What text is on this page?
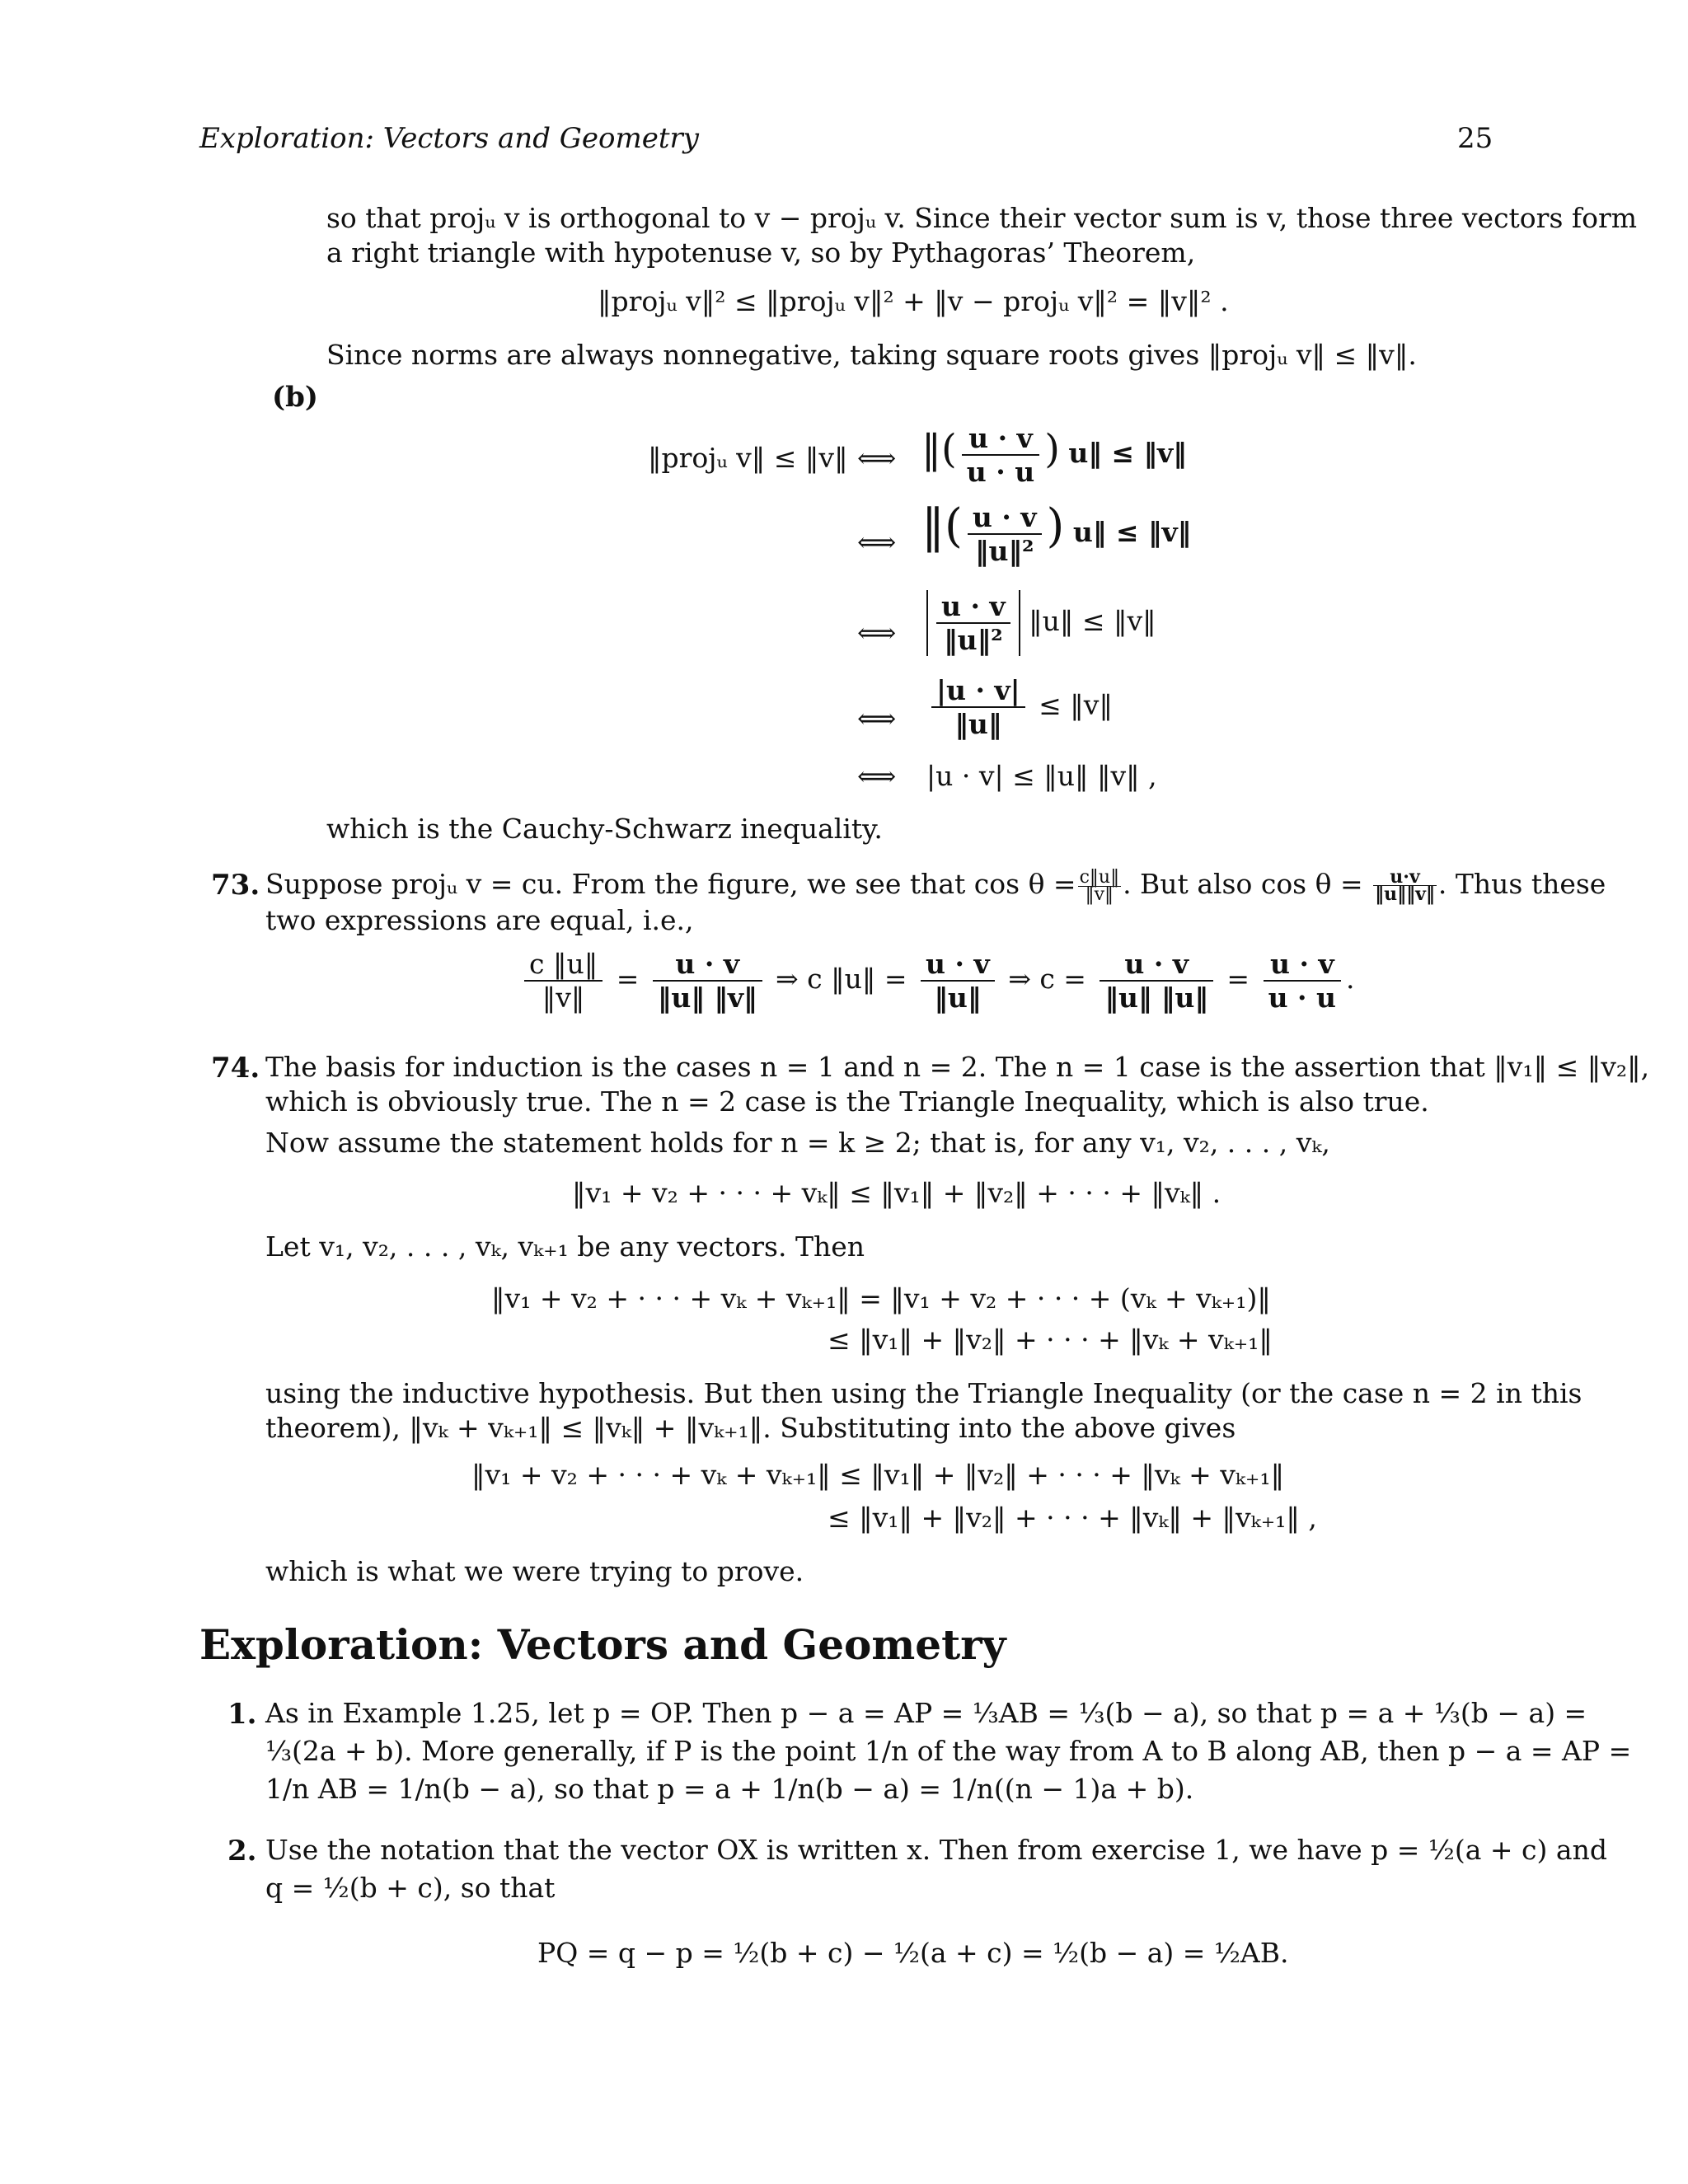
Exploration: Vectors and Geometry	25
so that projᵤ v is orthogonal to v − projᵤ v. Since their vector sum is v, those three vectors form
a right triangle with hypotenuse v, so by Pythagoras’ Theorem,
‖projᵤ v‖² ≤ ‖projᵤ v‖² + ‖v − projᵤ v‖² = ‖v‖² .
Since norms are always nonnegative, taking square roots gives ‖projᵤ v‖ ≤ ‖v‖.
(b)
‖projᵤ v‖ ≤ ‖v‖ ⟺ ‖( $\frac{u \cdot v}{u \cdot u}$ ) u‖ ≤ ‖v‖
⟺ ‖( $\frac{u \cdot v}{\text{‖u‖²}}$ ) u‖ ≤ ‖v‖
⟺ $\frac{u \cdot v}{\text{‖u‖²}}$ ‖u‖ ≤ ‖v‖
⟺ $\frac{|u \cdot v|}{‖u‖}$ ≤ ‖v‖
⟺ |u · v| ≤ ‖u‖ ‖v‖ ,
which is the Cauchy-Schwarz inequality.
73. Suppose projᵤ v = cu. From the figure, we see that $\cos \theta = \frac{c‖u‖}{‖v‖}$ . But also $\cos \theta = \frac{u\cdot v}{‖u‖‖v‖}$ . Thus these
two expressions are equal, i.e.,
$\frac{c ‖u‖}{‖v‖} = \frac{u \cdot v}{‖u‖ ‖v‖}$ ⇒ c ‖u‖ = $\frac{u \cdot v}{‖u‖}$ ⇒ $c = \frac{u \cdot v}{‖u‖ ‖u‖} = \frac{u \cdot v}{u \cdot u}$ .
74. The basis for induction is the cases n = 1 and n = 2. The n = 1 case is the assertion that ‖v₁‖ ≤ ‖v₂‖,
which is obviously true. The n = 2 case is the Triangle Inequality, which is also true.
Now assume the statement holds for n = k ≥ 2; that is, for any v₁, v₂, . . . , vₖ,
‖v₁ + v₂ + · · · + vₖ‖ ≤ ‖v₁‖ + ‖v₂‖ + · · · + ‖vₖ‖ .
Let v₁, v₂, . . . , vₖ, vₖ₊₁ be any vectors. Then
‖v₁ + v₂ + · · · + vₖ + vₖ₊₁‖ = ‖v₁ + v₂ + · · · + (vₖ + vₖ₊₁)‖
≤ ‖v₁‖ + ‖v₂‖ + · · · + ‖vₖ + vₖ₊₁‖
using the inductive hypothesis. But then using the Triangle Inequality (or the case n = 2 in this
theorem), ‖vₖ + vₖ₊₁‖ ≤ ‖vₖ‖ + ‖vₖ₊₁‖. Substituting into the above gives
‖v₁ + v₂ + · · · + vₖ + vₖ₊₁‖ ≤ ‖v₁‖ + ‖v₂‖ + · · · + ‖vₖ + vₖ₊₁‖
≤ ‖v₁‖ + ‖v₂‖ + · · · + ‖vₖ‖ + ‖vₖ₊₁‖ ,
which is what we were trying to prove.
Exploration: Vectors and Geometry
1. As in Example 1.25, let p = OP. Then p − a = AP = ⅓AB = ⅓(b − a), so that p = a + ⅓(b − a) =
⅓(2a + b). More generally, if P is the point 1/n of the way from A to B along AB, then p − a = AP =
1/n AB = 1/n(b − a), so that p = a + 1/n(b − a) = 1/n((n − 1)a + b).
2. Use the notation that the vector OX is written x. Then from exercise 1, we have p = ½(a + c) and
q = ½(b + c), so that
PQ = q − p = ½(b + c) − ½(a + c) = ½(b − a) = ½AB.
